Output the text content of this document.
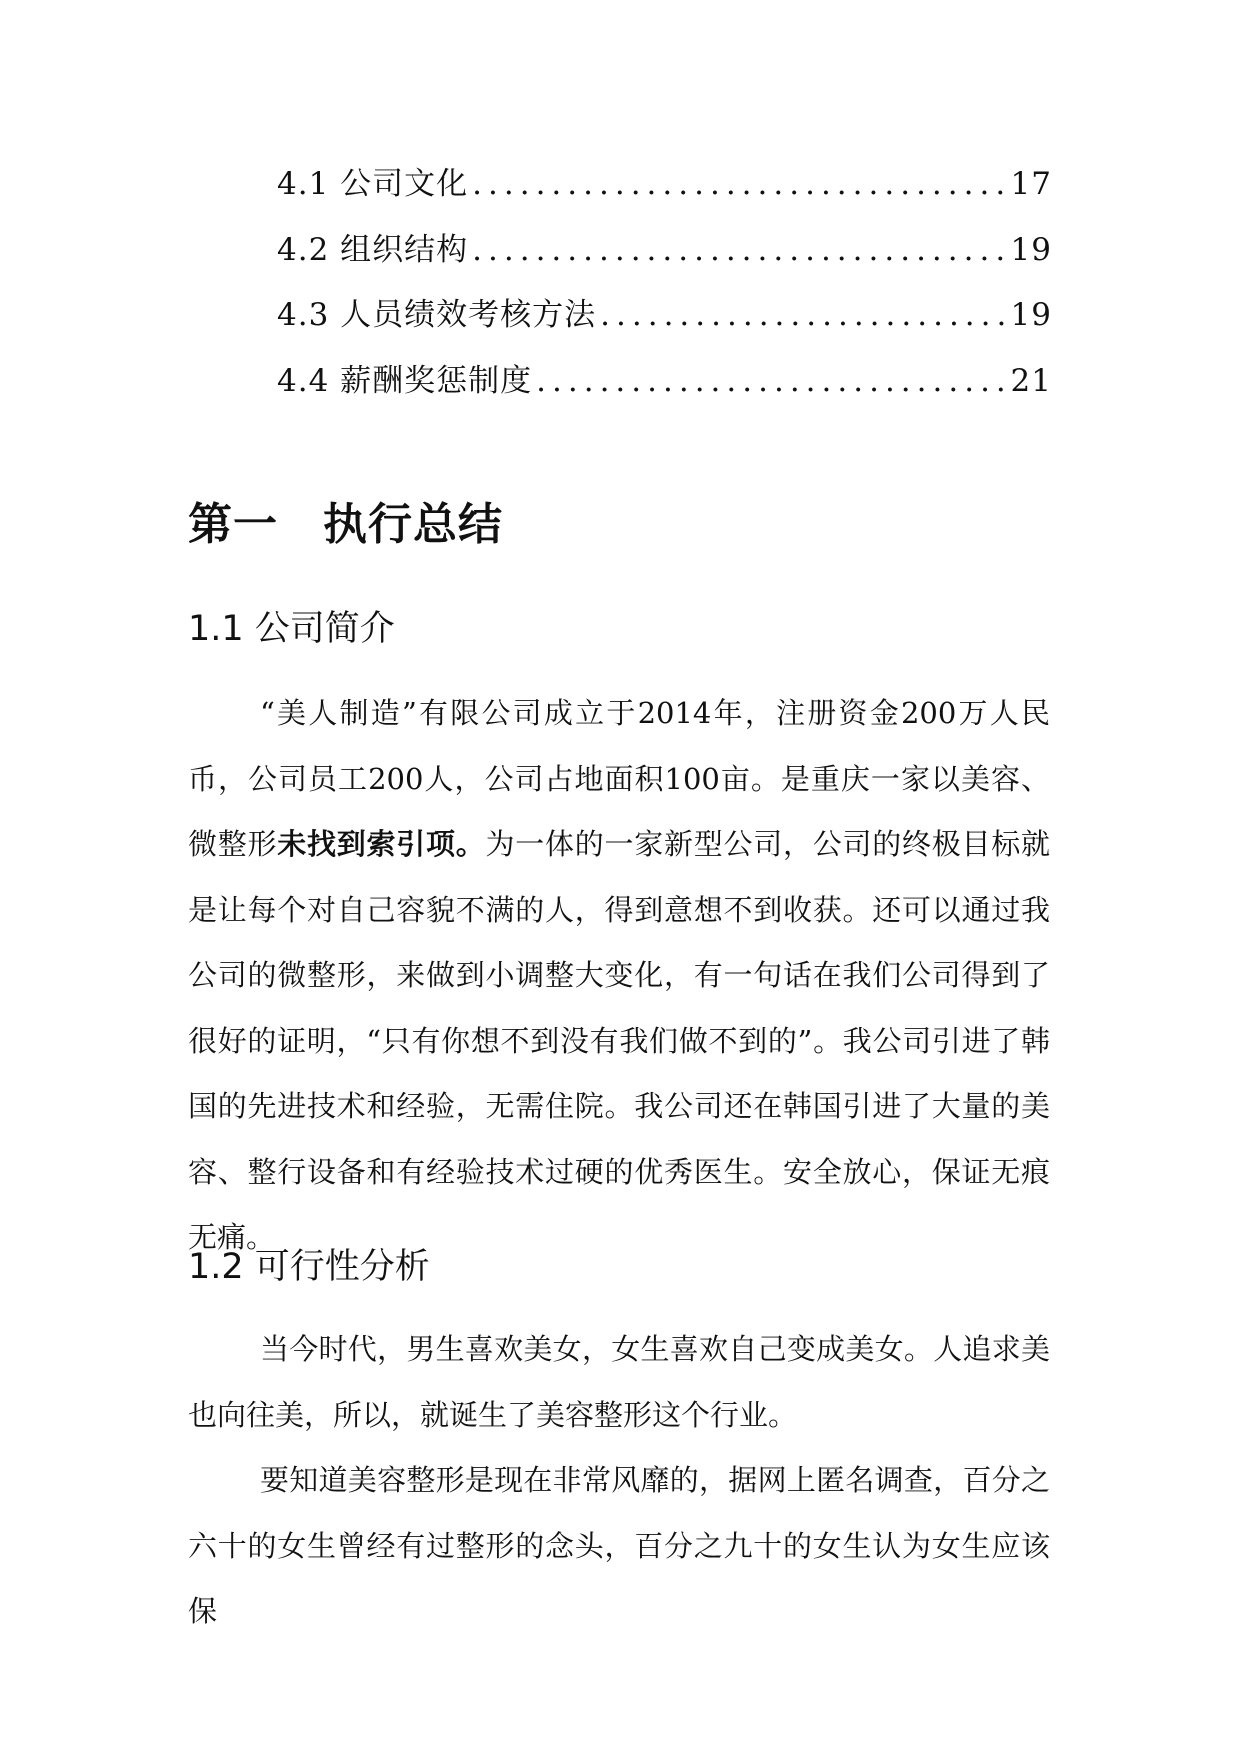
4.1 公司文化 .....	17
4.2 组织结构 .....	19
4.3 人员绩效考核方法 .....	19
4.4 薪酬奖惩制度 .....	21
第一　执行总结
1.1 公司简介

“美人制造”有限公司成立于2014年，注册资金200万人民币，公司员工200人，公司占地面积100亩。是重庆一家以美容、微整形未找到索引项。为一体的一家新型公司，公司的终极目标就是让每个对自己容貌不满的人，得到意想不到收获。还可以通过我公司的微整形，来做到小调整大变化，有一句话在我们公司得到了很好的证明，“只有你想不到没有我们做不到的”。我公司引进了韩国的先进技术和经验，无需住院。我公司还在韩国引进了大量的美容、整行设备和有经验技术过硬的优秀医生。安全放心，保证无痕无痛。

1.2 可行性分析

当今时代，男生喜欢美女，女生喜欢自己变成美女。人追求美也向往美，所以，就诞生了美容整形这个行业。

要知道美容整形是现在非常风靡的，据网上匿名调查，百分之六十的女生曾经有过整形的念头，百分之九十的女生认为女生应该保
